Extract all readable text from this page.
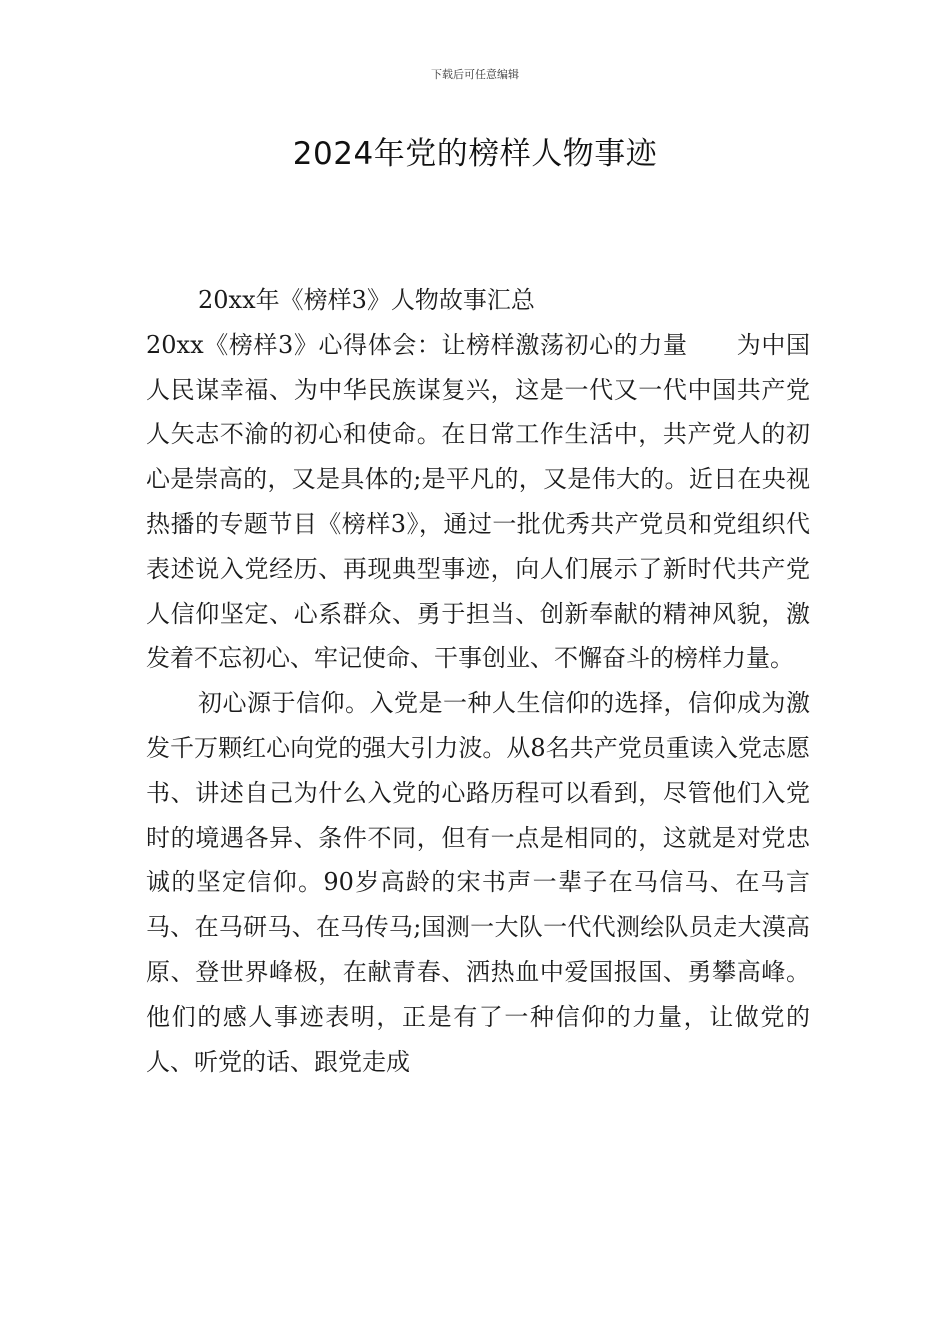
下载后可任意编辑
2024年党的榜样人物事迹

20xx年《榜样3》人物故事汇总

20xx《榜样3》心得体会：让榜样激荡初心的力量　　为中国人民谋幸福、为中华民族谋复兴，这是一代又一代中国共产党人矢志不渝的初心和使命。在日常工作生活中，共产党人的初心是崇高的，又是具体的;是平凡的，又是伟大的。近日在央视热播的专题节目《榜样3》，通过一批优秀共产党员和党组织代表述说入党经历、再现典型事迹，向人们展示了新时代共产党人信仰坚定、心系群众、勇于担当、创新奉献的精神风貌，激发着不忘初心、牢记使命、干事创业、不懈奋斗的榜样力量。

初心源于信仰。入党是一种人生信仰的选择，信仰成为激发千万颗红心向党的强大引力波。从8名共产党员重读入党志愿书、讲述自己为什么入党的心路历程可以看到，尽管他们入党时的境遇各异、条件不同，但有一点是相同的，这就是对党忠诚的坚定信仰。90岁高龄的宋书声一辈子在马信马、在马言马、在马研马、在马传马;国测一大队一代代测绘队员走大漠高原、登世界峰极，在献青春、洒热血中爱国报国、勇攀高峰。他们的感人事迹表明，正是有了一种信仰的力量，让做党的人、听党的话、跟党走成
